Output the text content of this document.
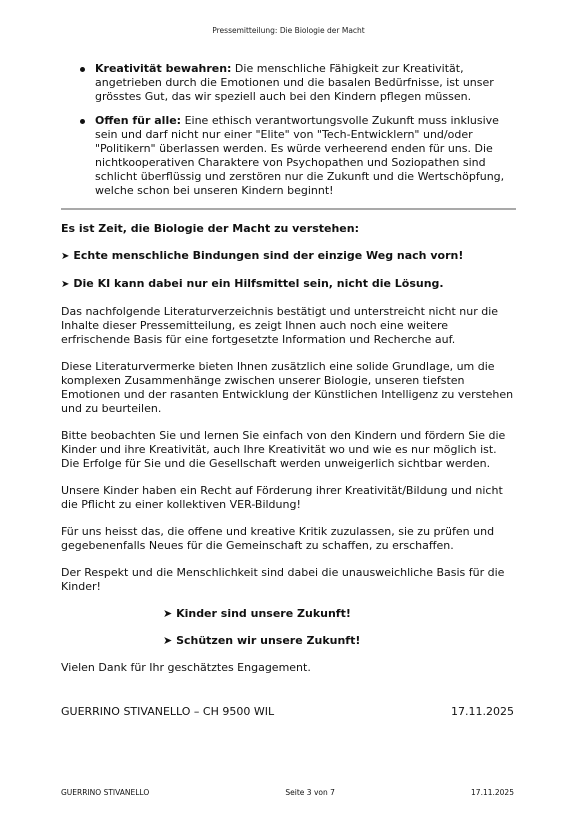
Pressemitteilung: Die Biologie der Macht
Kreativität bewahren: Die menschliche Fähigkeit zur Kreativität, angetrieben durch die Emotionen und die basalen Bedürfnisse, ist unser grösstes Gut, das wir speziell auch bei den Kindern pflegen müssen.
Offen für alle: Eine ethisch verantwortungsvolle Zukunft muss inklusive sein und darf nicht nur einer "Elite" von "Tech-Entwicklern" und/oder "Politikern" überlassen werden. Es würde verheerend enden für uns. Die nichtkooperativen Charaktere von Psychopathen und Soziopathen sind schlicht überflüssig und zerstören nur die Zukunft und die Wertschöpfung, welche schon bei unseren Kindern beginnt!

Es ist Zeit, die Biologie der Macht zu verstehen:

➤ Echte menschliche Bindungen sind der einzige Weg nach vorn!
➤ Die KI kann dabei nur ein Hilfsmittel sein, nicht die Lösung.

Das nachfolgende Literaturverzeichnis bestätigt und unterstreicht nicht nur die Inhalte dieser Pressemitteilung, es zeigt Ihnen auch noch eine weitere erfrischende Basis für eine fortgesetzte Information und Recherche auf.

Diese Literaturvermerke bieten Ihnen zusätzlich eine solide Grundlage, um die komplexen Zusammenhänge zwischen unserer Biologie, unseren tiefsten Emotionen und der rasanten Entwicklung der Künstlichen Intelligenz zu verstehen und zu beurteilen.

Bitte beobachten Sie und lernen Sie einfach von den Kindern und fördern Sie die Kinder und ihre Kreativität, auch Ihre Kreativität wo und wie es nur möglich ist. Die Erfolge für Sie und die Gesellschaft werden unweigerlich sichtbar werden.

Unsere Kinder haben ein Recht auf Förderung ihrer Kreativität/Bildung und nicht die Pflicht zu einer kollektiven VER-Bildung!

Für uns heisst das, die offene und kreative Kritik zuzulassen, sie zu prüfen und gegebenenfalls Neues für die Gemeinschaft zu schaffen, zu erschaffen.

Der Respekt und die Menschlichkeit sind dabei die unausweichliche Basis für die Kinder!

➤ Kinder sind unsere Zukunft!
➤ Schützen wir unsere Zukunft!

Vielen Dank für Ihr geschätztes Engagement.

GUERRINO STIVANELLO – CH 9500 WIL	17.11.2025
GUERRINO STIVANELLO	Seite 3 von 7	17.11.2025
